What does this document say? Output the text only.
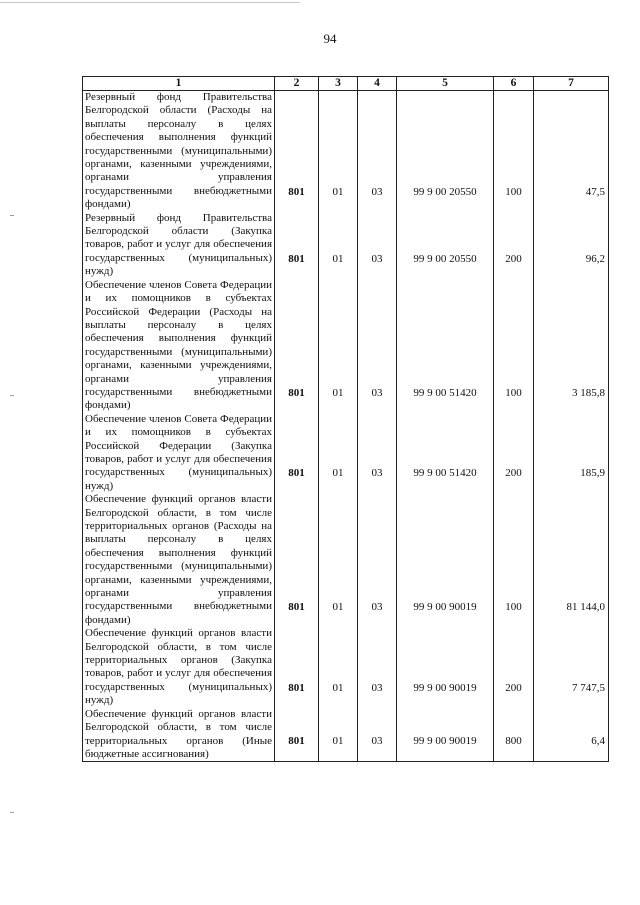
94
1	2	3	4	5	6	7
Резервный фонд Правительства Белгородской области (Расходы на выплаты персоналу в целях обеспечения выполнения функций государственными (муниципальными) органами, казенными учреждениями, органами управления государственными внебюджетными фондами)	801	01	03	99 9 00 20550	100	47,5
Резервный фонд Правительства Белгородской области (Закупка товаров, работ и услуг для обеспечения государственных (муниципальных) нужд)	801	01	03	99 9 00 20550	200	96,2
Обеспечение членов Совета Федерации и их помощников в субъектах Российской Федерации (Расходы на выплаты персоналу в целях обеспечения выполнения функций государственными (муниципальными) органами, казенными учреждениями, органами управления государственными внебюджетными фондами)	801	01	03	99 9 00 51420	100	3 185,8
Обеспечение членов Совета Федерации и их помощников в субъектах Российской Федерации (Закупка товаров, работ и услуг для обеспечения государственных (муниципальных) нужд)	801	01	03	99 9 00 51420	200	185,9
Обеспечение функций органов власти Белгородской области, в том числе территориальных органов (Расходы на выплаты персоналу в целях обеспечения выполнения функций государственными (муниципальными) органами, казенными учреждениями, органами управления государственными внебюджетными фондами)	801	01	03	99 9 00 90019	100	81 144,0
Обеспечение функций органов власти Белгородской области, в том числе территориальных органов (Закупка товаров, работ и услуг для обеспечения государственных (муниципальных) нужд)	801	01	03	99 9 00 90019	200	7 747,5
Обеспечение функций органов власти Белгородской области, в том числе территориальных органов (Иные бюджетные ассигнования)	801	01	03	99 9 00 90019	800	6,4
